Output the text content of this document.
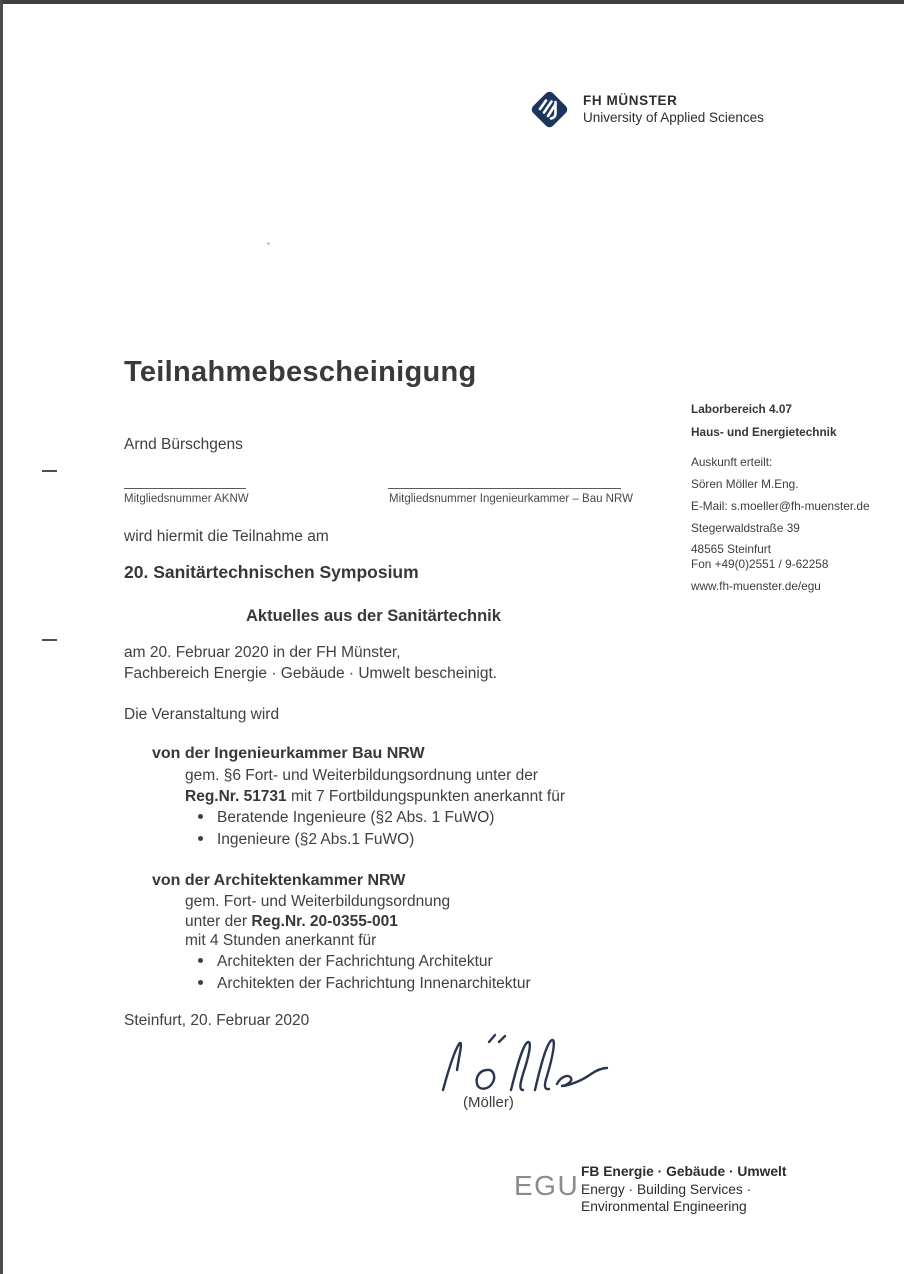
FH MÜNSTER
University of Applied Sciences
Teilnahmebescheinigung
Arnd Bürschgens
Mitgliedsnummer AKNW	Mitgliedsnummer Ingenieurkammer – Bau NRW
Laborbereich 4.07
Haus- und Energietechnik
Auskunft erteilt:
Sören Möller M.Eng.
E-Mail: s.moeller@fh-muenster.de
Stegerwaldstraße 39
48565 Steinfurt
Fon +49(0)2551 / 9-62258
www.fh-muenster.de/egu
wird hiermit die Teilnahme am
20. Sanitärtechnischen Symposium
Aktuelles aus der Sanitärtechnik
am 20. Februar 2020 in der FH Münster,
Fachbereich Energie · Gebäude · Umwelt bescheinigt.
Die Veranstaltung wird
von der Ingenieurkammer Bau NRW
gem. §6 Fort- und Weiterbildungsordnung unter der
Reg.Nr. 51731 mit 7 Fortbildungspunkten anerkannt für
Beratende Ingenieure (§2 Abs. 1 FuWO)
Ingenieure (§2 Abs.1 FuWO)
von der Architektenkammer NRW
gem. Fort- und Weiterbildungsordnung
unter der Reg.Nr. 20-0355-001
mit 4 Stunden anerkannt für
Architekten der Fachrichtung Architektur
Architekten der Fachrichtung Innenarchitektur
Steinfurt, 20. Februar 2020
(Möller)
EGU FB Energie · Gebäude · Umwelt
Energy · Building Services ·
Environmental Engineering
